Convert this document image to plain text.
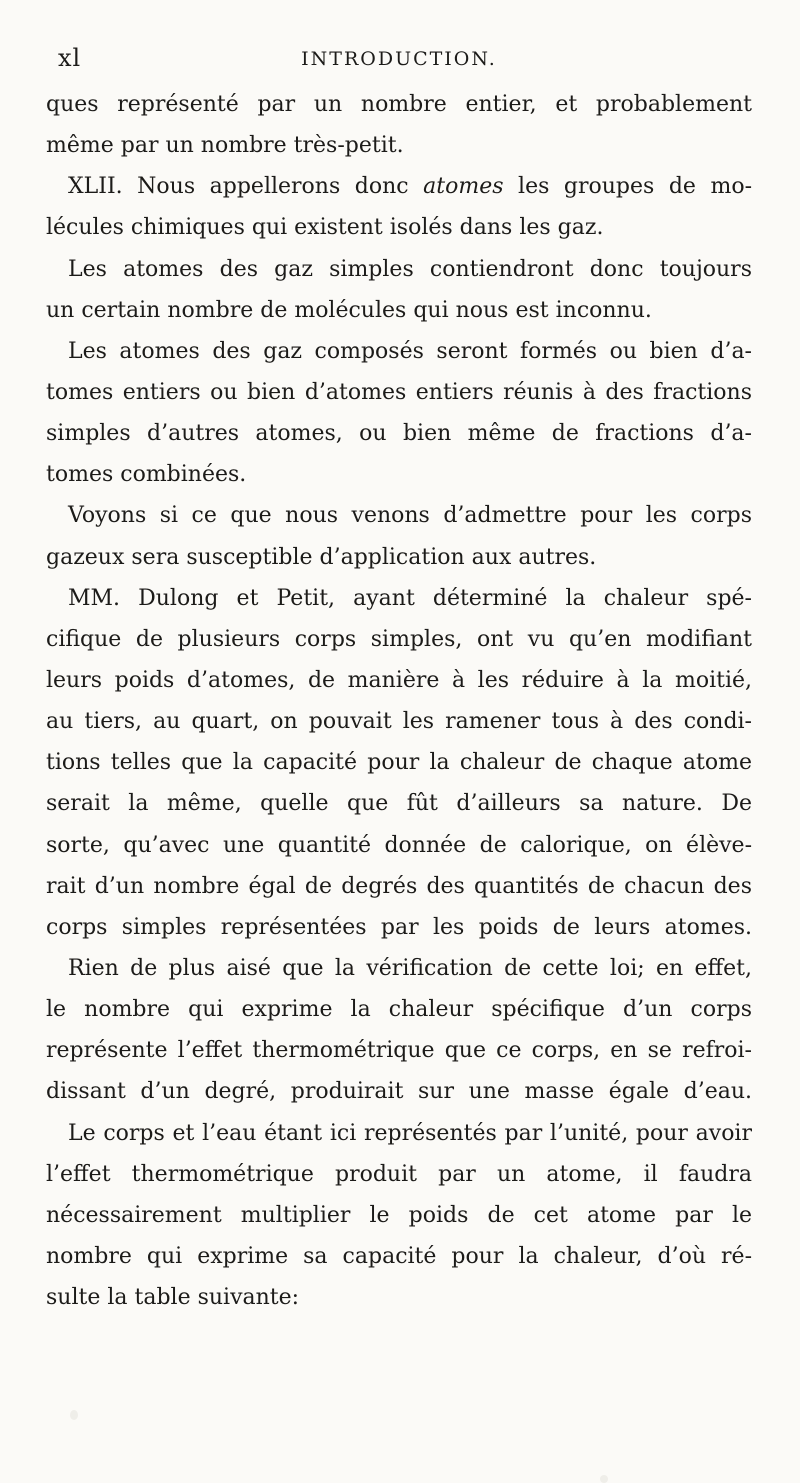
xl	INTRODUCTION.
ques représenté par un nombre entier, et probablement
même par un nombre très-petit.
XLII. Nous appellerons donc atomes les groupes de mo-
lécules chimiques qui existent isolés dans les gaz.
Les atomes des gaz simples contiendront donc toujours
un certain nombre de molécules qui nous est inconnu.
Les atomes des gaz composés seront formés ou bien d’a-
tomes entiers ou bien d’atomes entiers réunis à des fractions
simples d’autres atomes, ou bien même de fractions d’a-
tomes combinées.
Voyons si ce que nous venons d’admettre pour les corps
gazeux sera susceptible d’application aux autres.
MM. Dulong et Petit, ayant déterminé la chaleur spé-
cifique de plusieurs corps simples, ont vu qu’en modifiant
leurs poids d’atomes, de manière à les réduire à la moitié,
au tiers, au quart, on pouvait les ramener tous à des condi-
tions telles que la capacité pour la chaleur de chaque atome
serait la même, quelle que fût d’ailleurs sa nature. De
sorte, qu’avec une quantité donnée de calorique, on élève-
rait d’un nombre égal de degrés des quantités de chacun des
corps simples représentées par les poids de leurs atomes.
Rien de plus aisé que la vérification de cette loi; en effet,
le nombre qui exprime la chaleur spécifique d’un corps
représente l’effet thermométrique que ce corps, en se refroi-
dissant d’un degré, produirait sur une masse égale d’eau.
Le corps et l’eau étant ici représentés par l’unité, pour avoir
l’effet thermométrique produit par un atome, il faudra
nécessairement multiplier le poids de cet atome par le
nombre qui exprime sa capacité pour la chaleur, d’où ré-
sulte la table suivante:
